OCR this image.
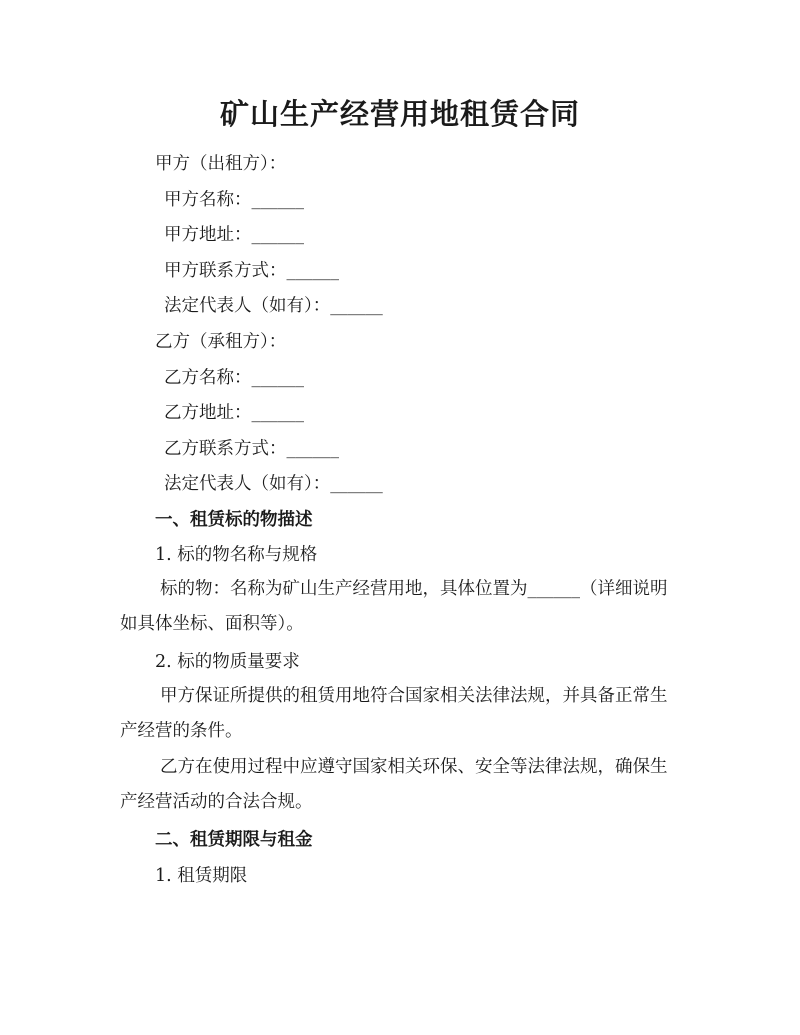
矿山生产经营用地租赁合同
甲方（出租方）：
甲方名称：______
甲方地址：______
甲方联系方式：______
法定代表人（如有）：______
乙方（承租方）：
乙方名称：______
乙方地址：______
乙方联系方式：______
法定代表人（如有）：______
一、租赁标的物描述
1. 标的物名称与规格
标的物：名称为矿山生产经营用地，具体位置为______（详细说明如具体坐标、面积等）。
2. 标的物质量要求
甲方保证所提供的租赁用地符合国家相关法律法规，并具备正常生产经营的条件。
乙方在使用过程中应遵守国家相关环保、安全等法律法规，确保生产经营活动的合法合规。
二、租赁期限与租金
1. 租赁期限
